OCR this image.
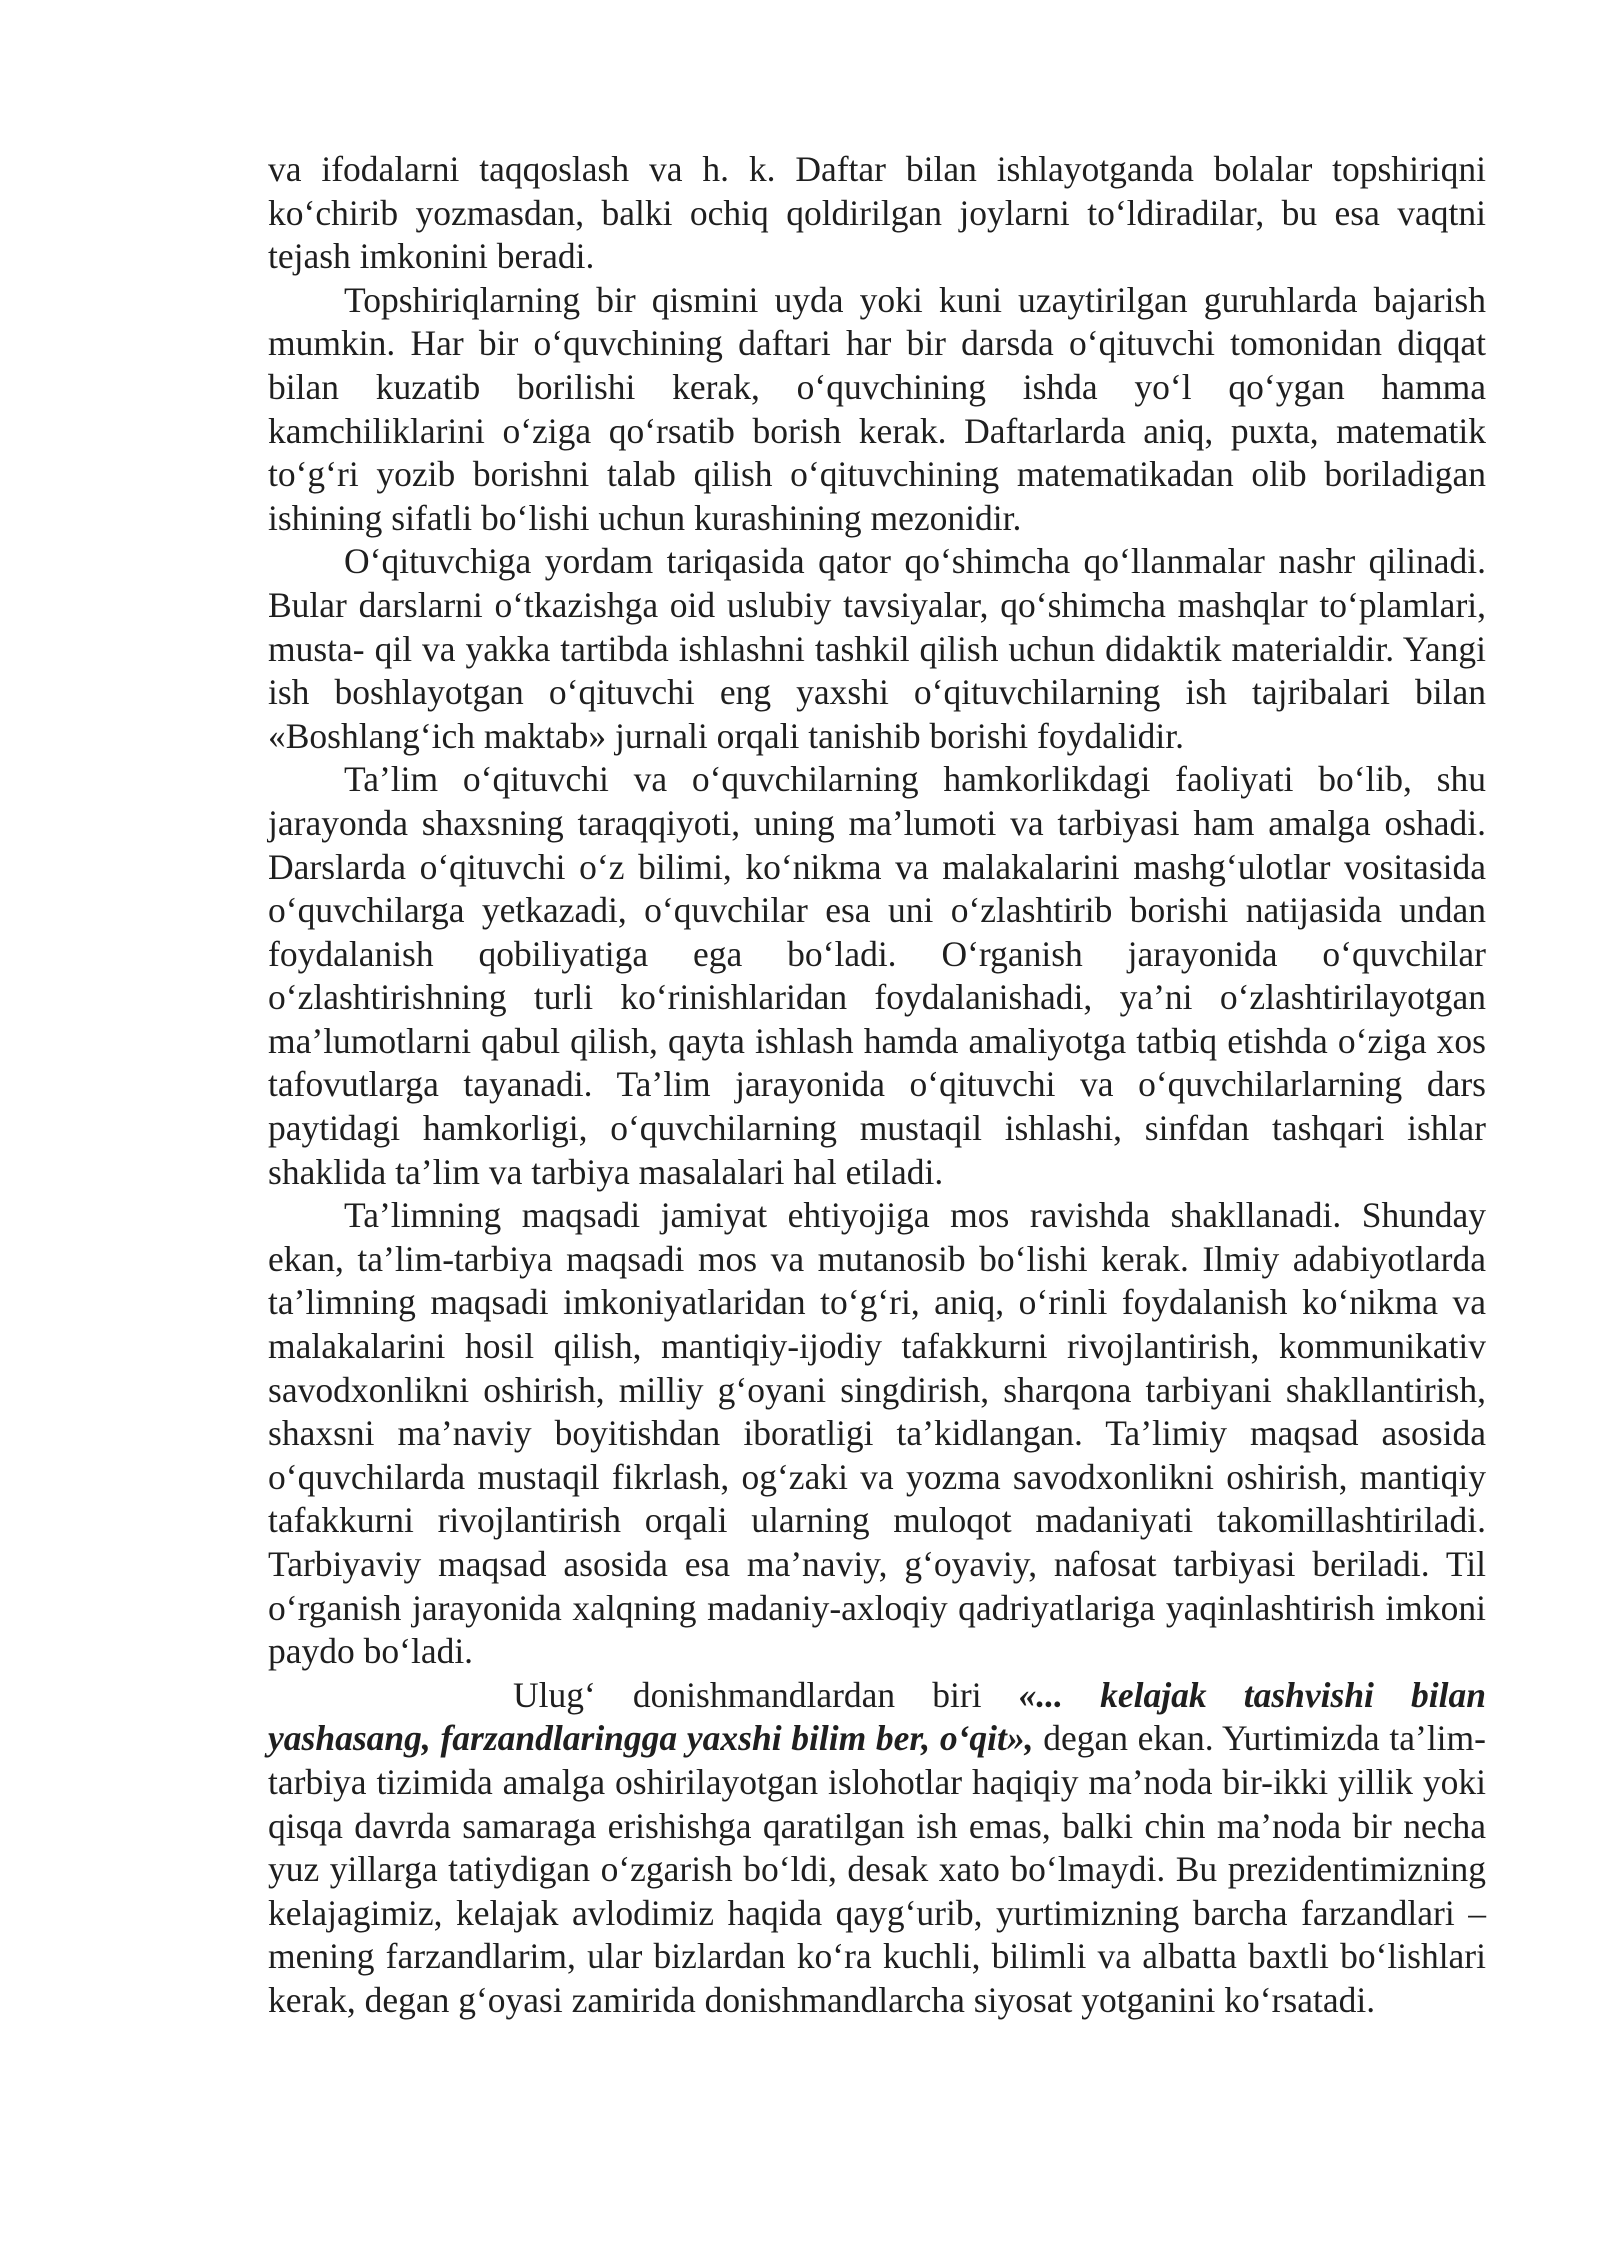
va ifodalarni taqqoslash va h. k. Daftar bilan ishlayotganda bolalar topshiriqni ko‘chirib yozmasdan, balki ochiq qoldirilgan joylarni to‘ldiradilar, bu esa vaqtni tejash imkonini beradi.

Topshiriqlarning bir qismini uyda yoki kuni uzaytirilgan guruhlarda bajarish mumkin. Har bir o‘quvchining daftari har bir darsda o‘qituvchi tomonidan diqqat bilan kuzatib borilishi kerak, o‘quvchining ishda yo‘l qo‘ygan hamma kamchiliklarini o‘ziga qo‘rsatib borish kerak. Daftarlarda aniq, puxta, matematik to‘g‘ri yozib borishni talab qilish o‘qituvchining matematikadan olib boriladigan ishining sifatli bo‘lishi uchun kurashining mezonidir.

O‘qituvchiga yordam tariqasida qator qo‘shimcha qo‘llanmalar nashr qilinadi. Bular darslarni o‘tkazishga oid uslubiy tavsiyalar, qo‘shimcha mashqlar to‘plamlari, musta- qil va yakka tartibda ishlashni tashkil qilish uchun didaktik materialdir. Yangi ish boshlayotgan o‘qituvchi eng yaxshi o‘qituvchilarning ish tajribalari bilan «Boshlang‘ich maktab» jurnali orqali tanishib borishi foydalidir.

Ta’lim o‘qituvchi va o‘quvchilarning hamkorlikdagi faoliyati bo‘lib, shu jarayonda shaxsning taraqqiyoti, uning ma’lumoti va tarbiyasi ham amalga oshadi. Darslarda o‘qituvchi o‘z bilimi, ko‘nikma va malakalarini mashg‘ulotlar vositasida o‘quvchilarga yetkazadi, o‘quvchilar esa uni o‘zlashtirib borishi natijasida undan foydalanish qobiliyatiga ega bo‘ladi. O‘rganish jarayonida o‘quvchilar o‘zlashtirishning turli ko‘rinishlaridan foydalanishadi, ya’ni o‘zlashtirilayotgan ma’lumotlarni qabul qilish, qayta ishlash hamda amaliyotga tatbiq etishda o‘ziga xos tafovutlarga tayanadi. Ta’lim jarayonida o‘qituvchi va o‘quvchilarlarning dars paytidagi hamkorligi, o‘quvchilarning mustaqil ishlashi, sinfdan tashqari ishlar shaklida ta’lim va tarbiya masalalari hal etiladi.

Ta’limning maqsadi jamiyat ehtiyojiga mos ravishda shakllanadi. Shunday ekan, ta’lim-tarbiya maqsadi mos va mutanosib bo‘lishi kerak. Ilmiy adabiyotlarda ta’limning maqsadi imkoniyatlaridan to‘g‘ri, aniq, o‘rinli foydalanish ko‘nikma va malakalarini hosil qilish, mantiqiy-ijodiy tafakkurni rivojlantirish, kommunikativ savodxonlikni oshirish, milliy g‘oyani singdirish, sharqona tarbiyani shakllantirish, shaxsni ma’naviy boyitishdan iboratligi ta’kidlangan. Ta’limiy maqsad asosida o‘quvchilarda mustaqil fikrlash, og‘zaki va yozma savodxonlikni oshirish, mantiqiy tafakkurni rivojlantirish orqali ularning muloqot madaniyati takomillashtiriladi. Tarbiyaviy maqsad asosida esa ma’naviy, g‘oyaviy, nafosat tarbiyasi beriladi. Til o‘rganish jarayonida xalqning madaniy-axloqiy qadriyatlariga yaqinlashtirish imkoni paydo bo‘ladi.

Ulug‘ donishmandlardan biri «... kelajak tashvishi bilan yashasang, farzandlaringga yaxshi bilim ber, o‘qit», degan ekan. Yurtimizda ta’lim-tarbiya tizimida amalga oshirilayotgan islohotlar haqiqiy ma’noda bir-ikki yillik yoki qisqa davrda samaraga erishishga qaratilgan ish emas, balki chin ma’noda bir necha yuz yillarga tatiydigan o‘zgarish bo‘ldi, desak xato bo‘lmaydi. Bu prezidentimizning kelajagimiz, kelajak avlodimiz haqida qayg‘urib, yurtimizning barcha farzandlari – mening farzandlarim, ular bizlardan ko‘ra kuchli, bilimli va albatta baxtli bo‘lishlari kerak, degan g‘oyasi zamirida donishmandlarcha siyosat yotganini ko‘rsatadi.
